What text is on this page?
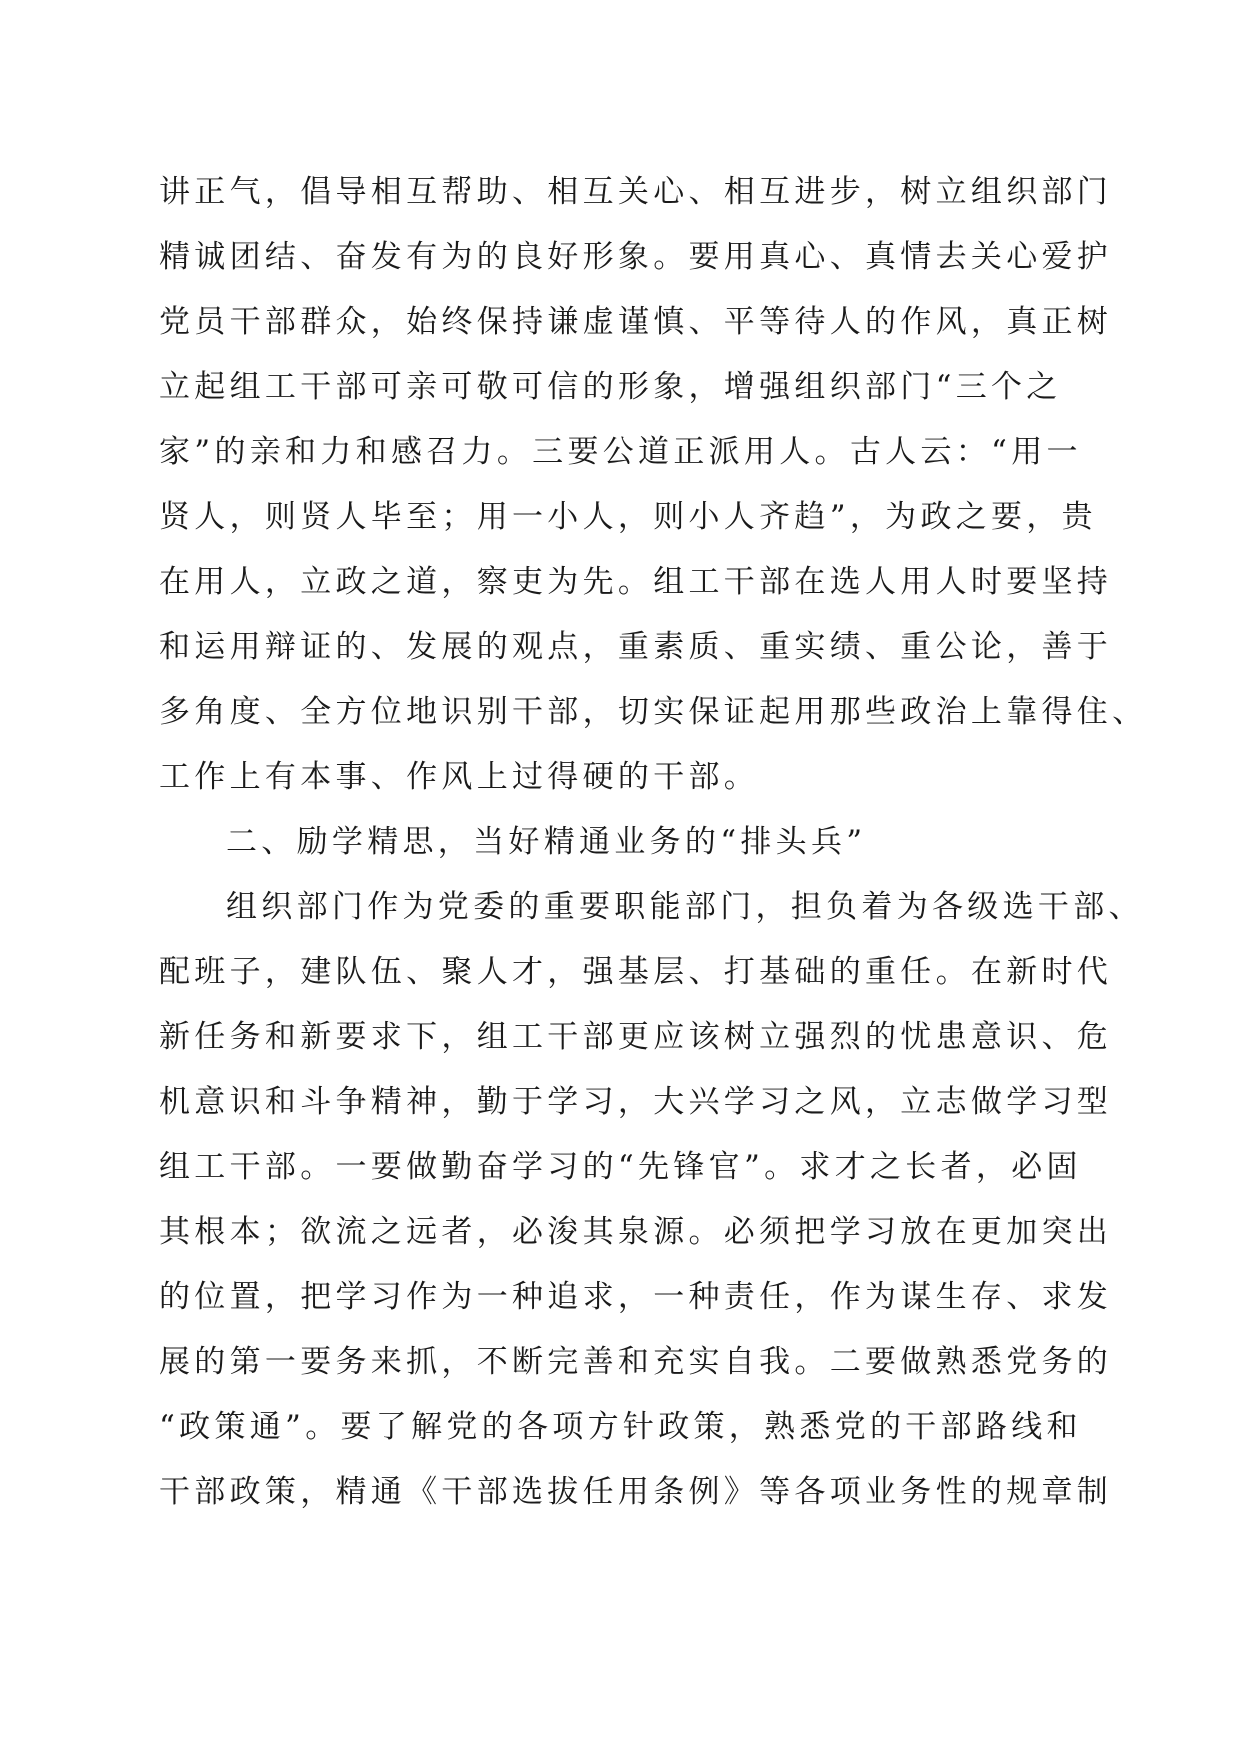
讲正气，倡导相互帮助、相互关心、相互进步，树立组织部门
精诚团结、奋发有为的良好形象。要用真心、真情去关心爱护
党员干部群众，始终保持谦虚谨慎、平等待人的作风，真正树
立起组工干部可亲可敬可信的形象，增强组织部门“三个之
家”的亲和力和感召力。三要公道正派用人。古人云：“用一
贤人，则贤人毕至；用一小人，则小人齐趋”，为政之要，贵
在用人，立政之道，察吏为先。组工干部在选人用人时要坚持
和运用辩证的、发展的观点，重素质、重实绩、重公论，善于
多角度、全方位地识别干部，切实保证起用那些政治上靠得住、
工作上有本事、作风上过得硬的干部。
二、励学精思，当好精通业务的“排头兵”
组织部门作为党委的重要职能部门，担负着为各级选干部、
配班子，建队伍、聚人才，强基层、打基础的重任。在新时代
新任务和新要求下，组工干部更应该树立强烈的忧患意识、危
机意识和斗争精神，勤于学习，大兴学习之风，立志做学习型
组工干部。一要做勤奋学习的“先锋官”。求才之长者，必固
其根本；欲流之远者，必浚其泉源。必须把学习放在更加突出
的位置，把学习作为一种追求，一种责任，作为谋生存、求发
展的第一要务来抓，不断完善和充实自我。二要做熟悉党务的
“政策通”。要了解党的各项方针政策，熟悉党的干部路线和
干部政策，精通《干部选拔任用条例》等各项业务性的规章制
